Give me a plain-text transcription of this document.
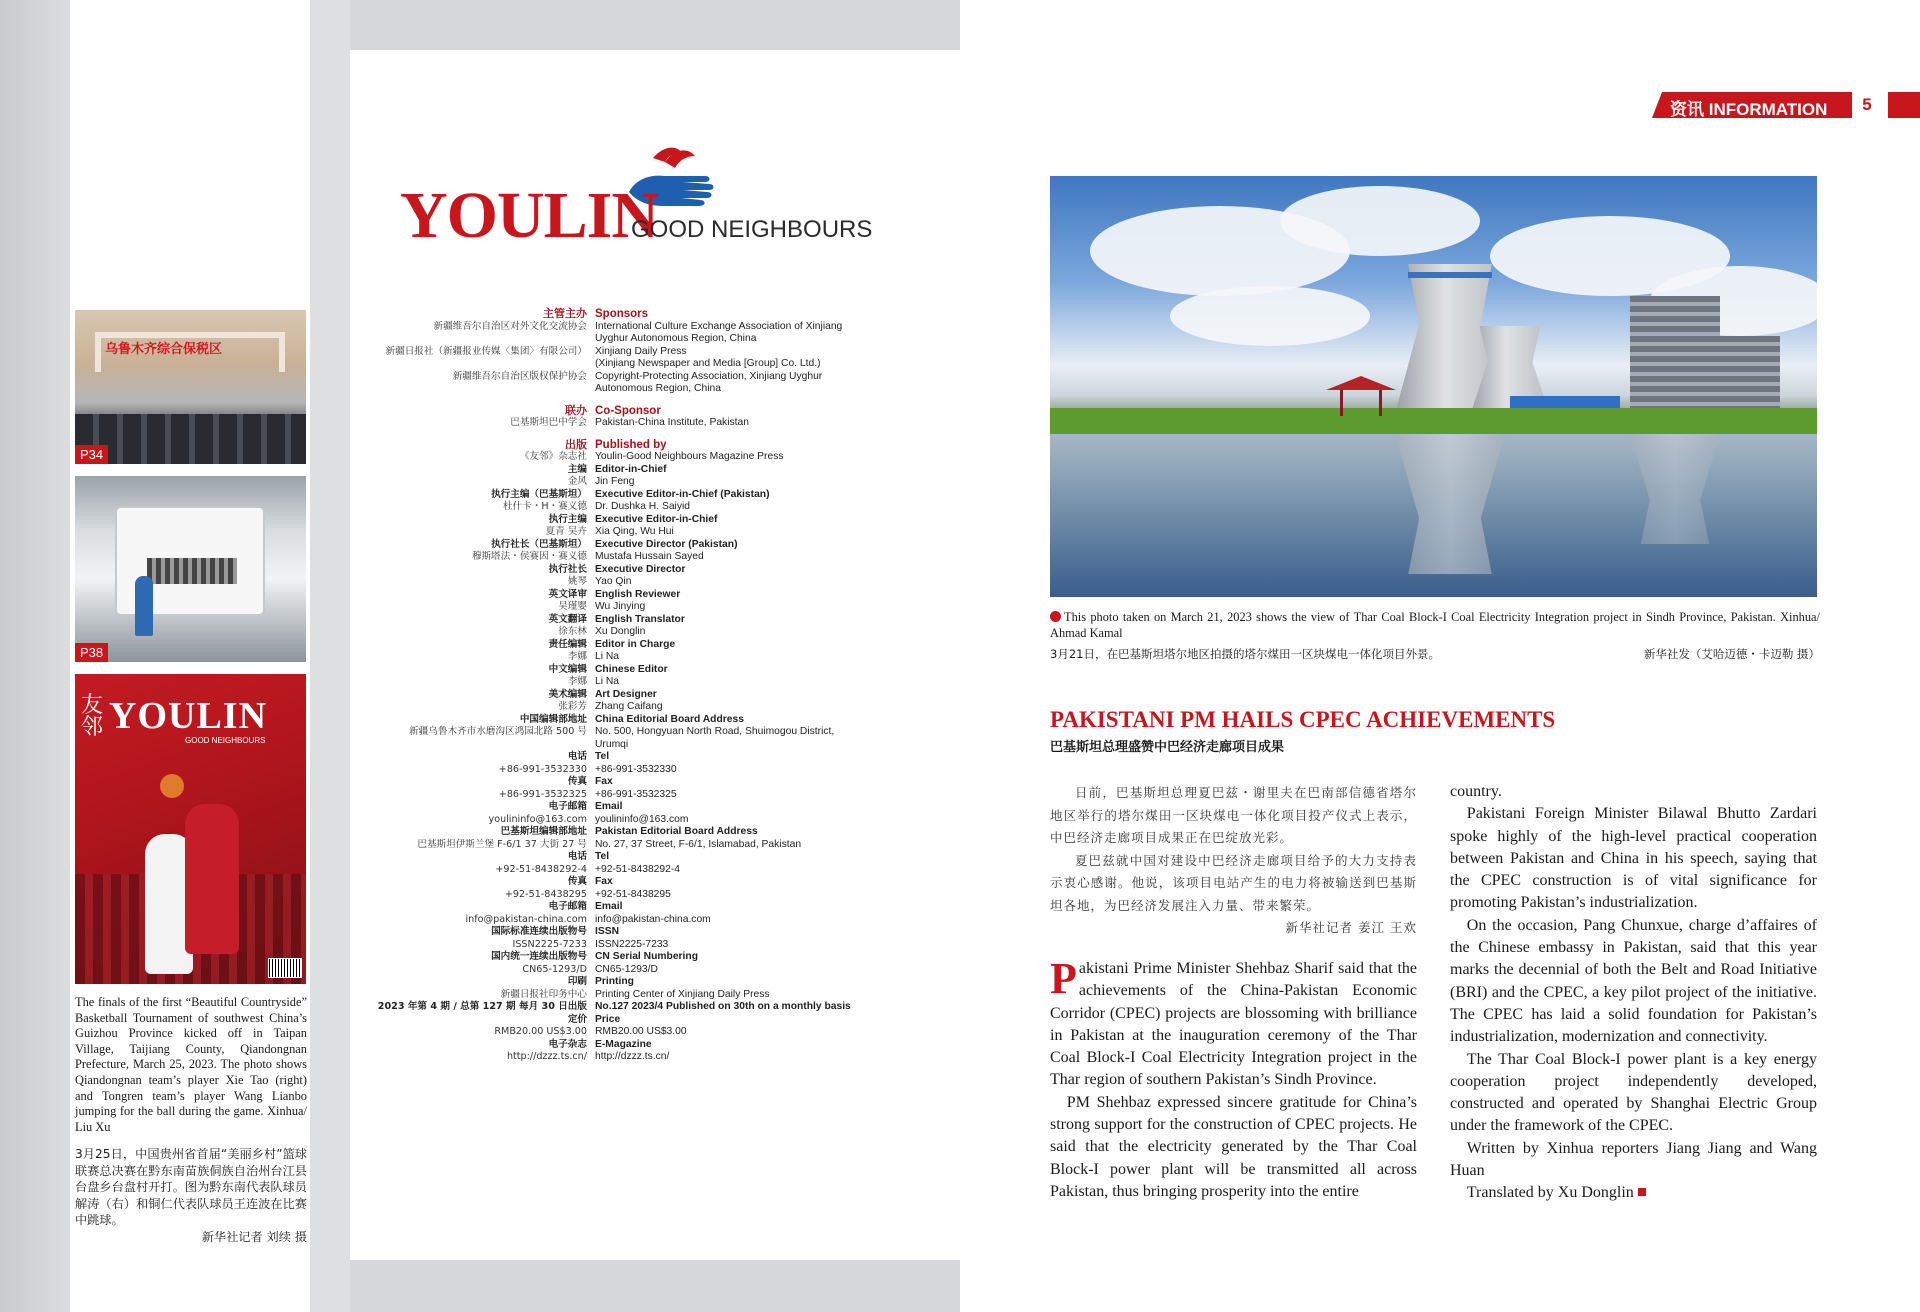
乌鲁木齐综合保税区
P34
P38
友邻 YOULIN
GOOD NEIGHBOURS
The finals of the first “Beautiful Countryside” Basketball Tournament of southwest China’s Guizhou Province kicked off in Taipan Village, Taijiang County, Qiandongnan Prefecture, March 25, 2023. The photo shows Qiandongnan team’s player Xie Tao (right) and Tongren team’s player Wang Lianbo jumping for the ball during the game. Xinhua/ Liu Xu
3月25日，中国贵州省首届“美丽乡村”篮球联赛总决赛在黔东南苗族侗族自治州台江县台盘乡台盘村开打。图为黔东南代表队球员解涛（右）和铜仁代表队球员王连波在比赛中跳球。
新华社记者 刘续 摄
YOULIN
GOOD NEIGHBOURS
主管主办 Sponsors
新疆维吾尔自治区对外文化交流协会 International Culture Exchange Association of Xinjiang
Uyghur Autonomous Region, China
新疆日报社（新疆报业传媒〈集团〉有限公司） Xinjiang Daily Press
(Xinjiang Newspaper and Media [Group] Co. Ltd.)
新疆维吾尔自治区版权保护协会 Copyright-Protecting Association, Xinjiang Uyghur
Autonomous Region, China
联办 Co-Sponsor
巴基斯坦巴中学会 Pakistan-China Institute, Pakistan
出版 Published by
《友邻》杂志社 Youlin-Good Neighbours Magazine Press
主编 Editor-in-Chief
金风 Jin Feng
执行主编（巴基斯坦） Executive Editor-in-Chief (Pakistan)
杜什卡・H・赛义德 Dr. Dushka H. Saiyid
执行主编 Executive Editor-in-Chief
夏青 吴卉 Xia Qing, Wu Hui
执行社长（巴基斯坦） Executive Director (Pakistan)
穆斯塔法・侯赛因・赛义德 Mustafa Hussain Sayed
执行社长 Executive Director
姚琴 Yao Qin
英文译审 English Reviewer
吴瑾婴 Wu Jinying
英文翻译 English Translator
徐东林 Xu Donglin
责任编辑 Editor in Charge
李娜 Li Na
中文编辑 Chinese Editor
李娜 Li Na
美术编辑 Art Designer
张彩芳 Zhang Caifang
中国编辑部地址 China Editorial Board Address
新疆乌鲁木齐市水磨沟区鸿园北路 500 号 No. 500, Hongyuan North Road, Shuimogou District,
Urumqi
电话 Tel
+86-991-3532330 +86-991-3532330
传真 Fax
+86-991-3532325 +86-991-3532325
电子邮箱 Email
youlininfo@163.com youlininfo@163.com
巴基斯坦编辑部地址 Pakistan Editorial Board Address
巴基斯坦伊斯兰堡 F-6/1 37 大街 27 号 No. 27, 37 Street, F-6/1, Islamabad, Pakistan
电话 Tel
+92-51-8438292-4 +92-51-8438292-4
传真 Fax
+92-51-8438295 +92-51-8438295
电子邮箱 Email
info@pakistan-china.com info@pakistan-china.com
国际标准连续出版物号 ISSN
ISSN2225-7233 ISSN2225-7233
国内统一连续出版物号 CN Serial Numbering
CN65-1293/D CN65-1293/D
印刷 Printing
新疆日报社印务中心 Printing Center of Xinjiang Daily Press
2023 年第 4 期 / 总第 127 期 每月 30 日出版 No.127 2023/4 Published on 30th on a monthly basis
定价 Price
RMB20.00 US$3.00 RMB20.00 US$3.00
电子杂志 E-Magazine
http://dzzz.ts.cn/ http://dzzz.ts.cn/
资讯 INFORMATION	5
This photo taken on March 21, 2023 shows the view of Thar Coal Block-I Coal Electricity Integration project in Sindh Province, Pakistan. Xinhua/ Ahmad Kamal
3月21日，在巴基斯坦塔尔地区拍摄的塔尔煤田一区块煤电一体化项目外景。	新华社发（艾哈迈德・卡迈勒 摄）
PAKISTANI PM HAILS CPEC ACHIEVEMENTS
巴基斯坦总理盛赞中巴经济走廊项目成果

日前，巴基斯坦总理夏巴兹・谢里夫在巴南部信德省塔尔地区举行的塔尔煤田一区块煤电一体化项目投产仪式上表示，中巴经济走廊项目成果正在巴绽放光彩。

夏巴兹就中国对建设中巴经济走廊项目给予的大力支持表示衷心感谢。他说，该项目电站产生的电力将被输送到巴基斯坦各地，为巴经济发展注入力量、带来繁荣。

新华社记者 姜江 王欢

Pakistani Prime Minister Shehbaz Sharif said that the achievements of the China-Pakistan Economic Corridor (CPEC) projects are blossoming with brilliance in Pakistan at the inauguration ceremony of the Thar Coal Block-I Coal Electricity Integration project in the Thar region of southern Pakistan’s Sindh Province.

PM Shehbaz expressed sincere gratitude for China’s strong support for the construction of CPEC projects. He said that the electricity generated by the Thar Coal Block-I power plant will be transmitted all across Pakistan, thus bringing prosperity into the entire

country.

Pakistani Foreign Minister Bilawal Bhutto Zardari spoke highly of the high-level practical cooperation between Pakistan and China in his speech, saying that the CPEC construction is of vital significance for promoting Pakistan’s industrialization.

On the occasion, Pang Chunxue, charge d’affaires of the Chinese embassy in Pakistan, said that this year marks the decennial of both the Belt and Road Initiative (BRI) and the CPEC, a key pilot project of the initiative. The CPEC has laid a solid foundation for Pakistan’s industrialization, modernization and connectivity.

The Thar Coal Block-I power plant is a key energy cooperation project independently developed, constructed and operated by Shanghai Electric Group under the framework of the CPEC.

Written by Xinhua reporters Jiang Jiang and Wang Huan

Translated by Xu Donglin
